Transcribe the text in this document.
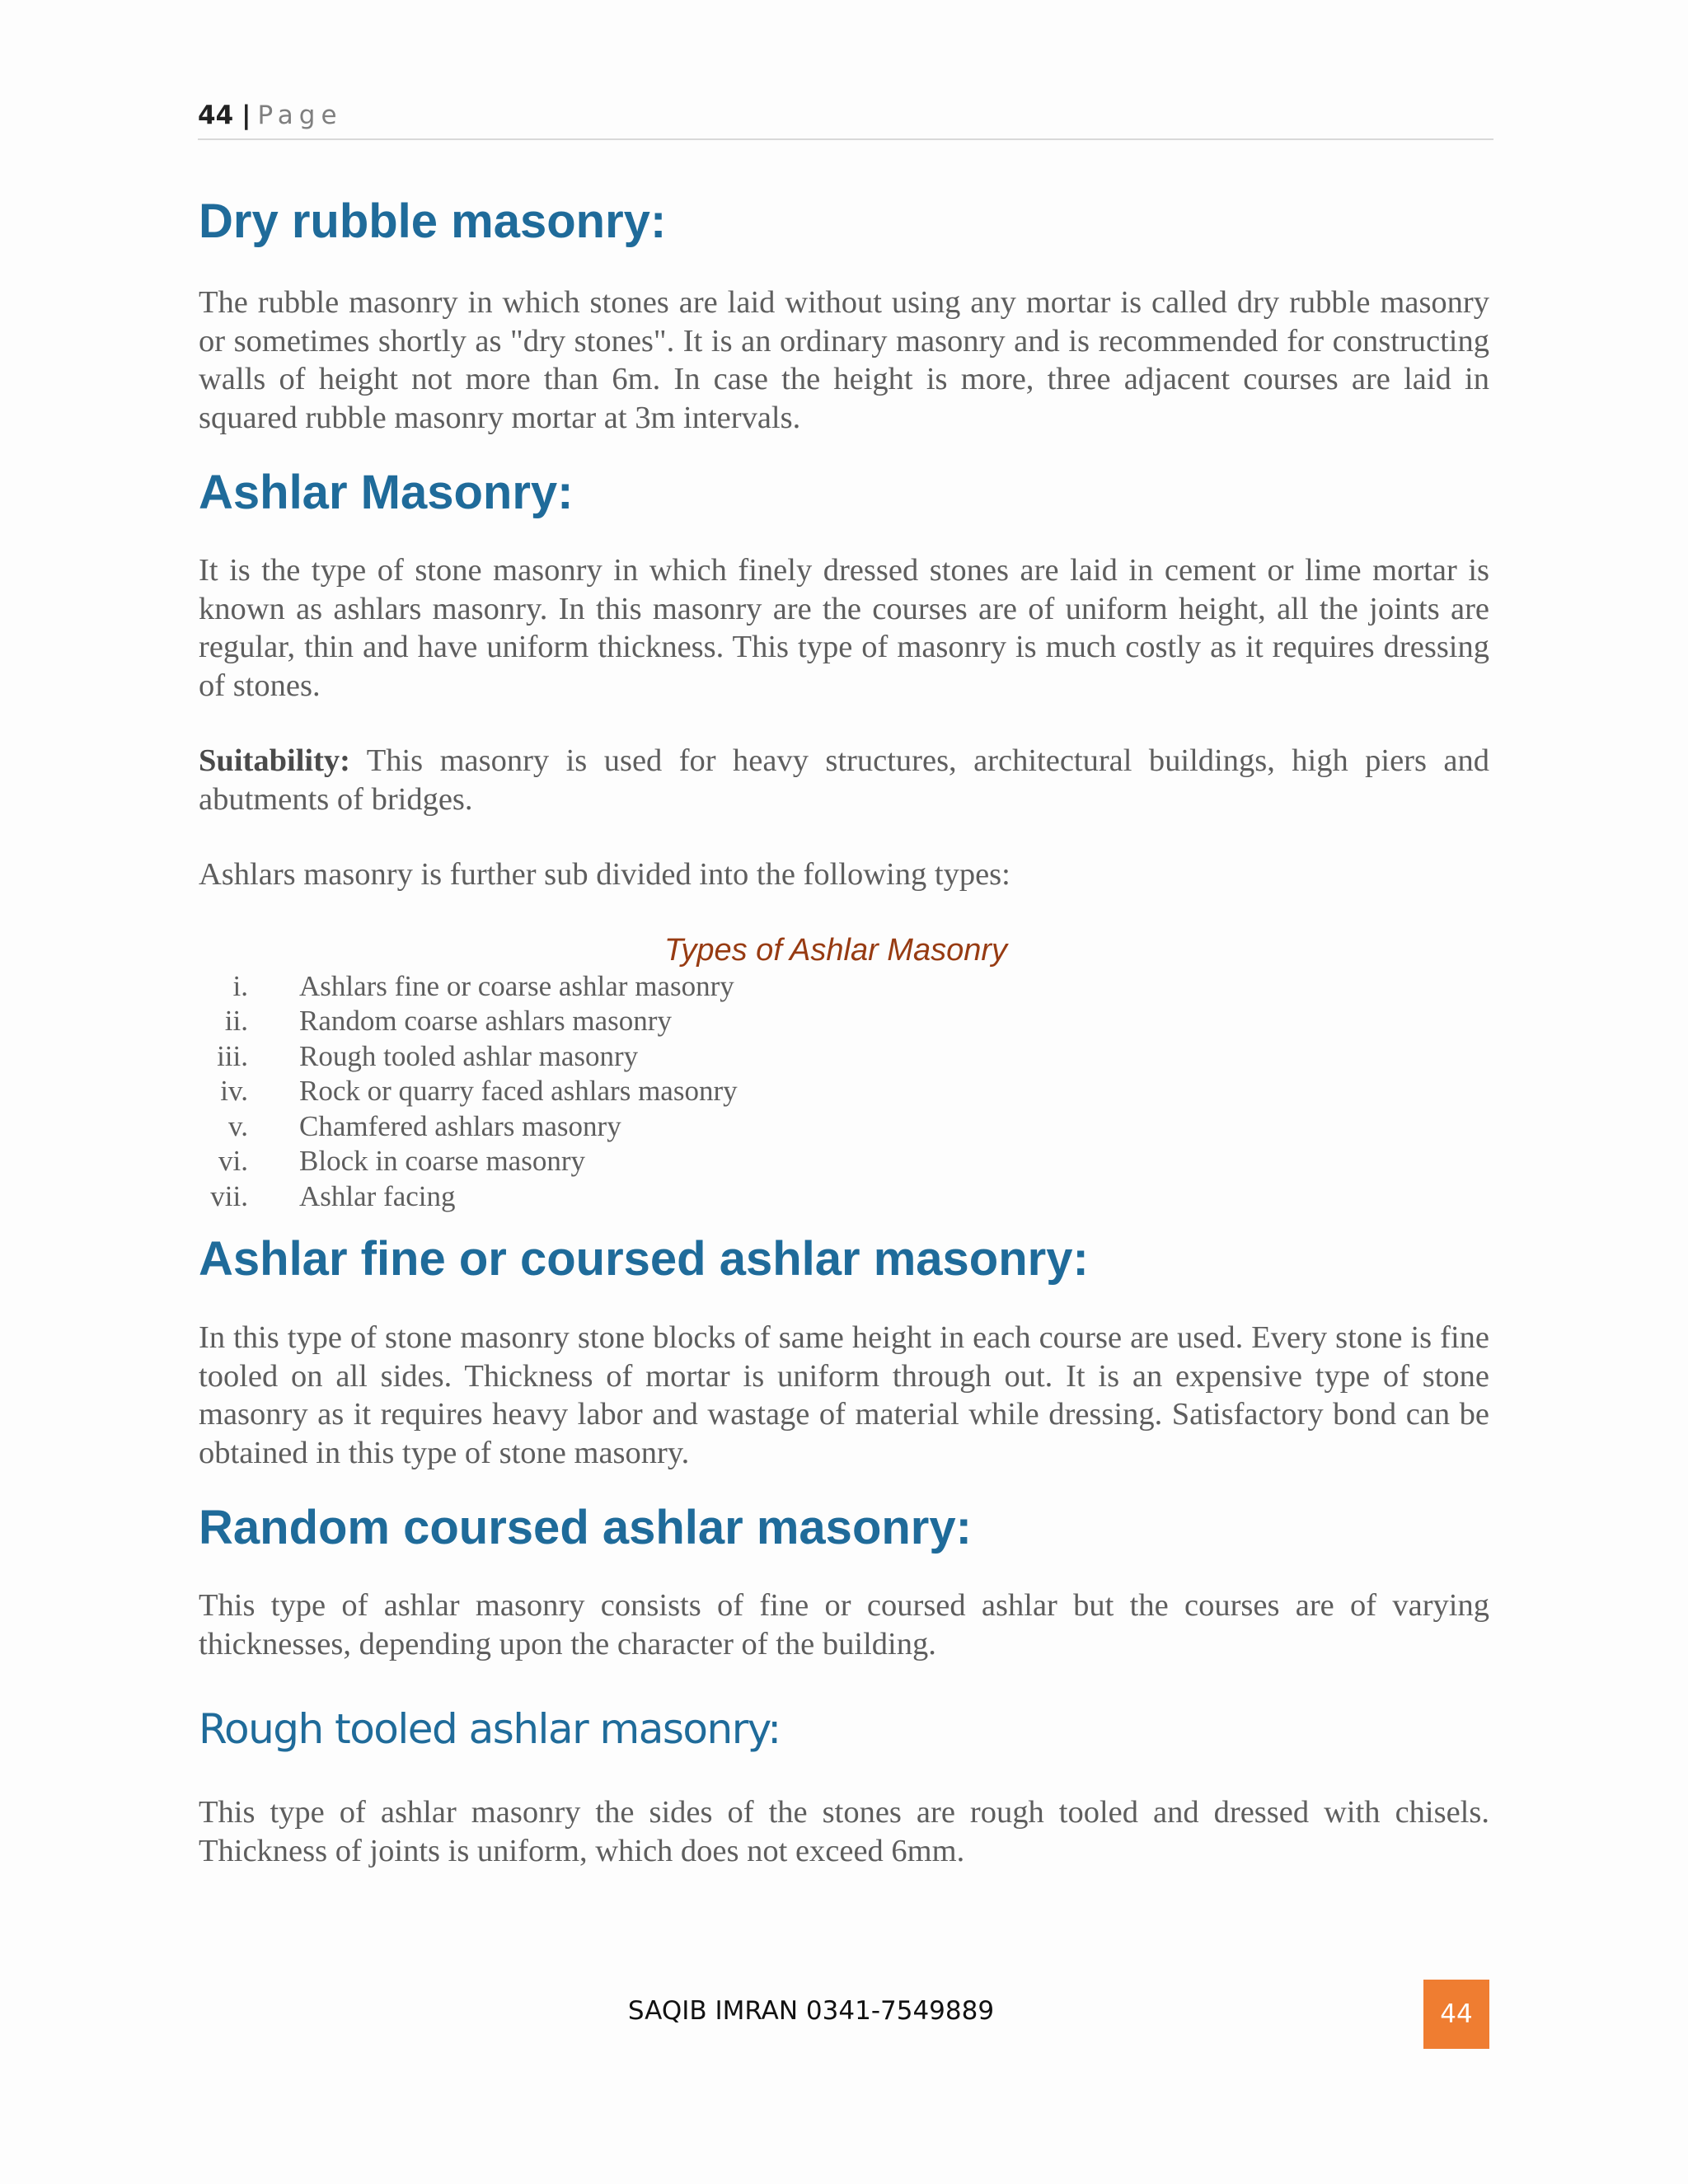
44 | Page
Dry rubble masonry:

The rubble masonry in which stones are laid without using any mortar is called dry rubble masonry or sometimes shortly as "dry stones". It is an ordinary masonry and is recommended for constructing walls of height not more than 6m. In case the height is more, three adjacent courses are laid in squared rubble masonry mortar at 3m intervals.

Ashlar Masonry:

It is the type of stone masonry in which finely dressed stones are laid in cement or lime mortar is known as ashlars masonry. In this masonry are the courses are of uniform height, all the joints are regular, thin and have uniform thickness. This type of masonry is much costly as it requires dressing of stones.

Suitability: This masonry is used for heavy structures, architectural buildings, high piers and abutments of bridges.

Ashlars masonry is further sub divided into the following types:

Types of Ashlar Masonry
i. Ashlars fine or coarse ashlar masonry
ii. Random coarse ashlars masonry
iii. Rough tooled ashlar masonry
iv. Rock or quarry faced ashlars masonry
v. Chamfered ashlars masonry
vi. Block in coarse masonry
vii. Ashlar facing
Ashlar fine or coursed ashlar masonry:

In this type of stone masonry stone blocks of same height in each course are used. Every stone is fine tooled on all sides. Thickness of mortar is uniform through out. It is an expensive type of stone masonry as it requires heavy labor and wastage of material while dressing. Satisfactory bond can be obtained in this type of stone masonry.

Random coursed ashlar masonry:

This type of ashlar masonry consists of fine or coursed ashlar but the courses are of varying thicknesses, depending upon the character of the building.

Rough tooled ashlar masonry:

This type of ashlar masonry the sides of the stones are rough tooled and dressed with chisels. Thickness of joints is uniform, which does not exceed 6mm.

SAQIB IMRAN 0341-7549889	44
